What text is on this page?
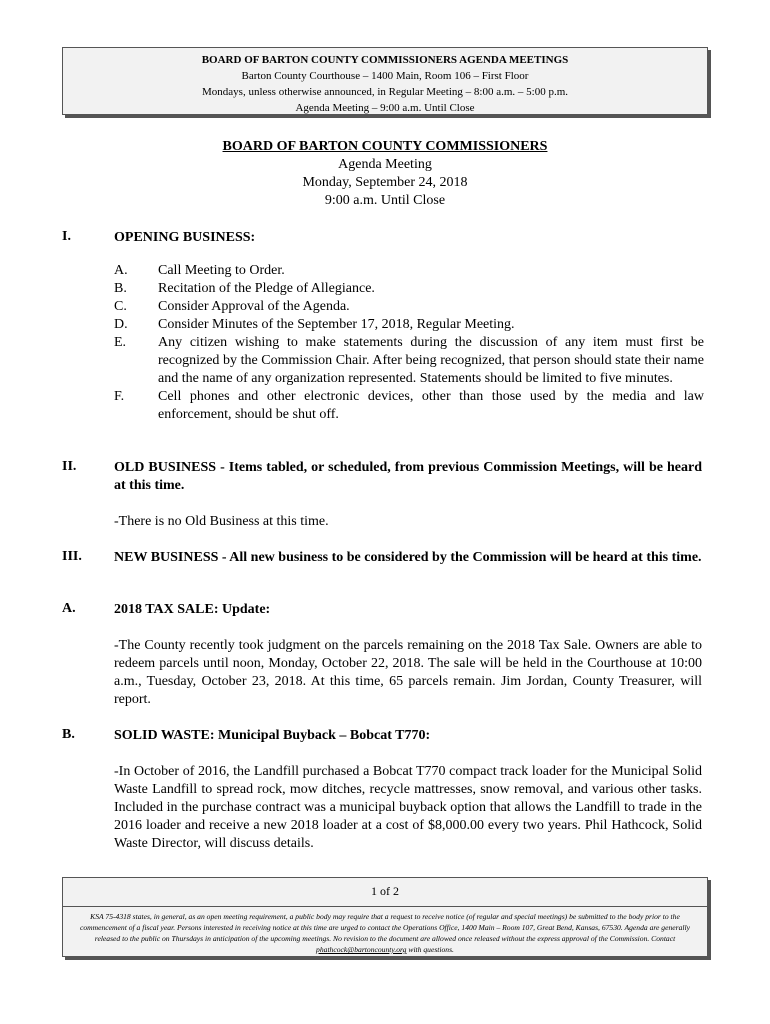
BOARD OF BARTON COUNTY COMMISSIONERS AGENDA MEETINGS
Barton County Courthouse – 1400 Main, Room 106 – First Floor
Mondays, unless otherwise announced, in Regular Meeting – 8:00 a.m. – 5:00 p.m.
Agenda Meeting – 9:00 a.m. Until Close
BOARD OF BARTON COUNTY COMMISSIONERS
Agenda Meeting
Monday, September 24, 2018
9:00 a.m. Until Close
I.	OPENING BUSINESS:
A.	Call Meeting to Order.
B.	Recitation of the Pledge of Allegiance.
C.	Consider Approval of the Agenda.
D.	Consider Minutes of the September 17, 2018, Regular Meeting.
E.	Any citizen wishing to make statements during the discussion of any item must first be recognized by the Commission Chair. After being recognized, that person should state their name and the name of any organization represented. Statements should be limited to five minutes.
F.	Cell phones and other electronic devices, other than those used by the media and law enforcement, should be shut off.
II.	OLD BUSINESS - Items tabled, or scheduled, from previous Commission Meetings, will be heard at this time.
-There is no Old Business at this time.
III. NEW BUSINESS - All new business to be considered by the Commission will be heard at this time.
A.	2018 TAX SALE: Update:
-The County recently took judgment on the parcels remaining on the 2018 Tax Sale. Owners are able to redeem parcels until noon, Monday, October 22, 2018. The sale will be held in the Courthouse at 10:00 a.m., Tuesday, October 23, 2018. At this time, 65 parcels remain. Jim Jordan, County Treasurer, will report.
B.	SOLID WASTE: Municipal Buyback – Bobcat T770:
-In October of 2016, the Landfill purchased a Bobcat T770 compact track loader for the Municipal Solid Waste Landfill to spread rock, mow ditches, recycle mattresses, snow removal, and various other tasks. Included in the purchase contract was a municipal buyback option that allows the Landfill to trade in the 2016 loader and receive a new 2018 loader at a cost of $8,000.00 every two years. Phil Hathcock, Solid Waste Director, will discuss details.
1 of 2
KSA 75-4318 states, in general, as an open meeting requirement, a public body may require that a request to receive notice (of regular and special meetings) be submitted to the body prior to the commencement of a fiscal year. Persons interested in receiving notice at this time are urged to contact the Operations Office, 1400 Main – Room 107, Great Bend, Kansas, 67530. Agenda are generally released to the public on Thursdays in anticipation of the upcoming meetings. No revision to the document are allowed once released without the express approval of the Commission. Contact phathcock@bartoncounty.org with questions.
